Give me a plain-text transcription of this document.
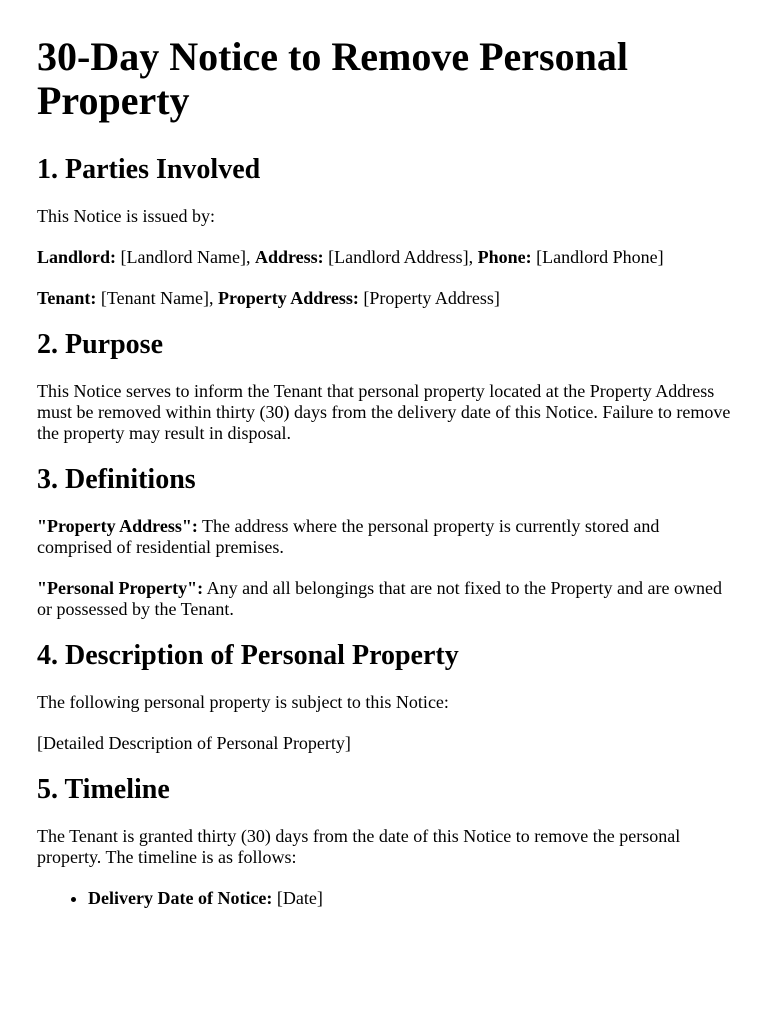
30-Day Notice to Remove Personal Property
1. Parties Involved

This Notice is issued by:

Landlord: [Landlord Name], Address: [Landlord Address], Phone: [Landlord Phone]

Tenant: [Tenant Name], Property Address: [Property Address]

2. Purpose

This Notice serves to inform the Tenant that personal property located at the Property Address must be removed within thirty (30) days from the delivery date of this Notice. Failure to remove the property may result in disposal.

3. Definitions

"Property Address": The address where the personal property is currently stored and comprised of residential premises.

"Personal Property": Any and all belongings that are not fixed to the Property and are owned or possessed by the Tenant.

4. Description of Personal Property

The following personal property is subject to this Notice:

[Detailed Description of Personal Property]

5. Timeline

The Tenant is granted thirty (30) days from the date of this Notice to remove the personal property. The timeline is as follows:

• Delivery Date of Notice: [Date]
